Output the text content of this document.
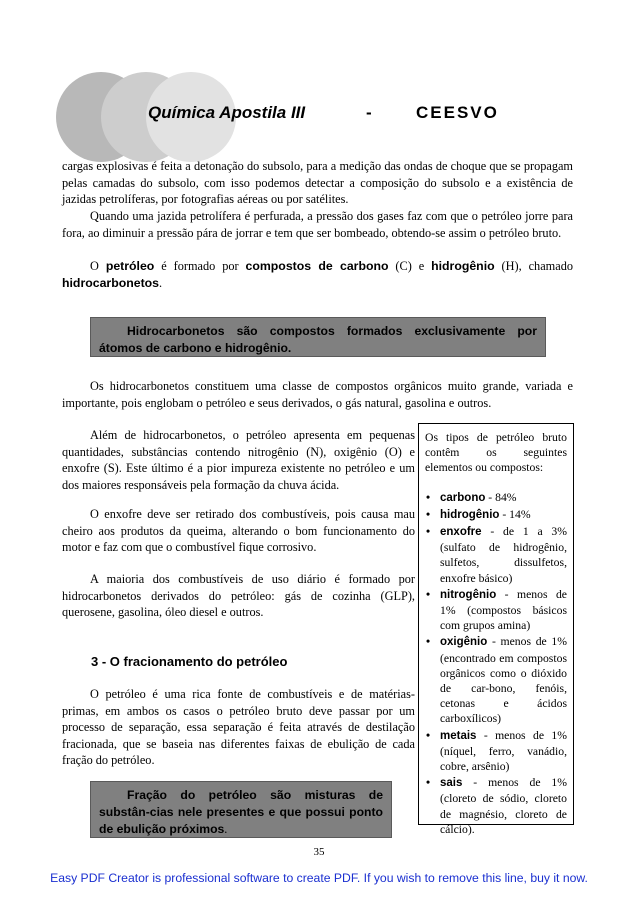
Química Apostila III	-	CEESVO

cargas explosivas é feita a detonação do subsolo, para a medição das ondas de choque que se propagam pelas camadas do subsolo, com isso podemos detectar a composição do subsolo e a existência de jazidas petrolíferas, por fotografias aéreas ou por satélites.

Quando uma jazida petrolífera é perfurada, a pressão dos gases faz com que o petróleo jorre para fora, ao diminuir a pressão pára de jorrar e tem que ser bombeado, obtendo-se assim o petróleo bruto.

O petróleo é formado por compostos de carbono (C) e hidrogênio (H), chamado hidrocarbonetos.

Hidrocarbonetos são compostos formados exclusivamente por átomos de carbono e hidrogênio.

Os hidrocarbonetos constituem uma classe de compostos orgânicos muito grande, variada e importante, pois englobam o petróleo e seus derivados, o gás natural, gasolina e outros.

Além de hidrocarbonetos, o petróleo apresenta em pequenas quantidades, substâncias contendo nitrogênio (N), oxigênio (O) e enxofre (S). Este último é a pior impureza existente no petróleo e um dos maiores responsáveis pela formação da chuva ácida.

O enxofre deve ser retirado dos combustíveis, pois causa mau cheiro aos produtos da queima, alterando o bom funcionamento do motor e faz com que o combustível fique corrosivo.

A maioria dos combustíveis de uso diário é formado por hidrocarbonetos derivados do petróleo: gás de cozinha (GLP), querosene, gasolina, óleo diesel e outros.

3 - O fracionamento do petróleo

O petróleo é uma rica fonte de combustíveis e de matérias-primas, em ambos os casos o petróleo bruto deve passar por um processo de separação, essa separação é feita através de destilação fracionada, que se baseia nas diferentes faixas de ebulição de cada fração do petróleo.

Fração do petróleo são misturas de substân-cias nele presentes e que possui ponto de ebulição próximos.

Os tipos de petróleo bruto contêm os seguintes elementos ou compostos:

• carbono - 84%
• hidrogênio - 14%
• enxofre - de 1 a 3% (sulfato de hidrogênio, sulfetos, dissulfetos, enxofre básico)
• nitrogênio - menos de 1% (compostos básicos com grupos amina)
• oxigênio - menos de 1% (encontrado em compostos orgânicos como o dióxido de car-bono, fenóis, cetonas e ácidos carboxílicos)
• metais - menos de 1% (níquel, ferro, vanádio, cobre, arsênio)
• sais - menos de 1% (cloreto de sódio, cloreto de magnésio, cloreto de cálcio).
35
Easy PDF Creator is professional software to create PDF. If you wish to remove this line, buy it now.
